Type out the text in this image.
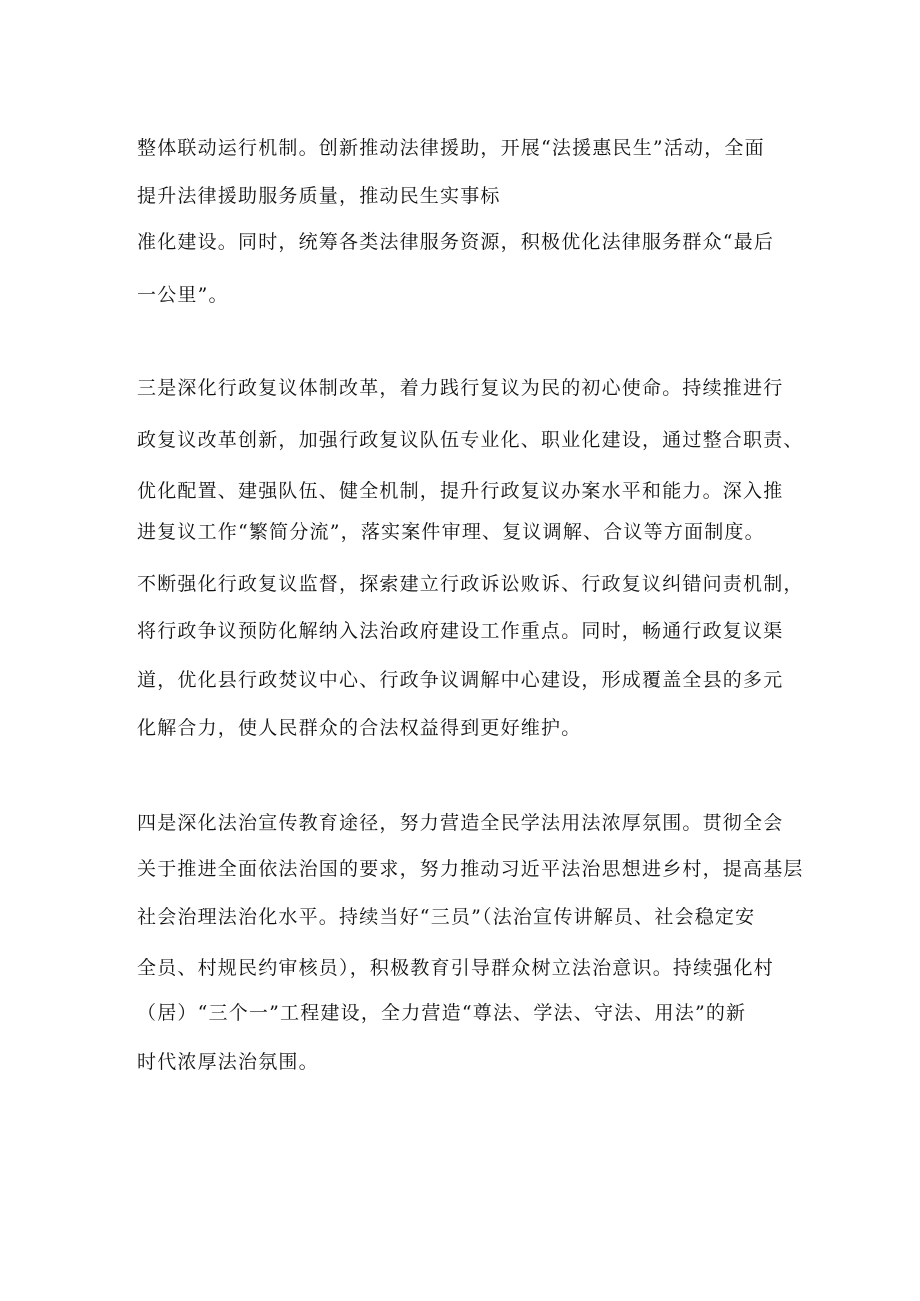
整体联动运行机制。创新推动法律援助，开展“法援惠民生”活动，全面
提升法律援助服务质量，推动民生实事标
准化建设。同时，统筹各类法律服务资源，积极优化法律服务群众“最后
一公里”。
三是深化行政复议体制改革，着力践行复议为民的初心使命。持续推进行
政复议改革创新，加强行政复议队伍专业化、职业化建设，通过整合职责、
优化配置、建强队伍、健全机制，提升行政复议办案水平和能力。深入推
进复议工作“繁简分流”，落实案件审理、复议调解、合议等方面制度。
不断强化行政复议监督，探索建立行政诉讼败诉、行政复议纠错问责机制，
将行政争议预防化解纳入法治政府建设工作重点。同时，畅通行政复议渠
道，优化县行政焚议中心、行政争议调解中心建设，形成覆盖全县的多元
化解合力，使人民群众的合法权益得到更好维护。
四是深化法治宣传教育途径，努力营造全民学法用法浓厚氛围。贯彻全会
关于推进全面依法治国的要求，努力推动习近平法治思想进乡村，提高基层
社会治理法治化水平。持续当好“三员”（法治宣传讲解员、社会稳定安
全员、村规民约审核员），积极教育引导群众树立法治意识。持续强化村
（居）“三个一”工程建设，全力营造“尊法、学法、守法、用法”的新
时代浓厚法治氛围。
